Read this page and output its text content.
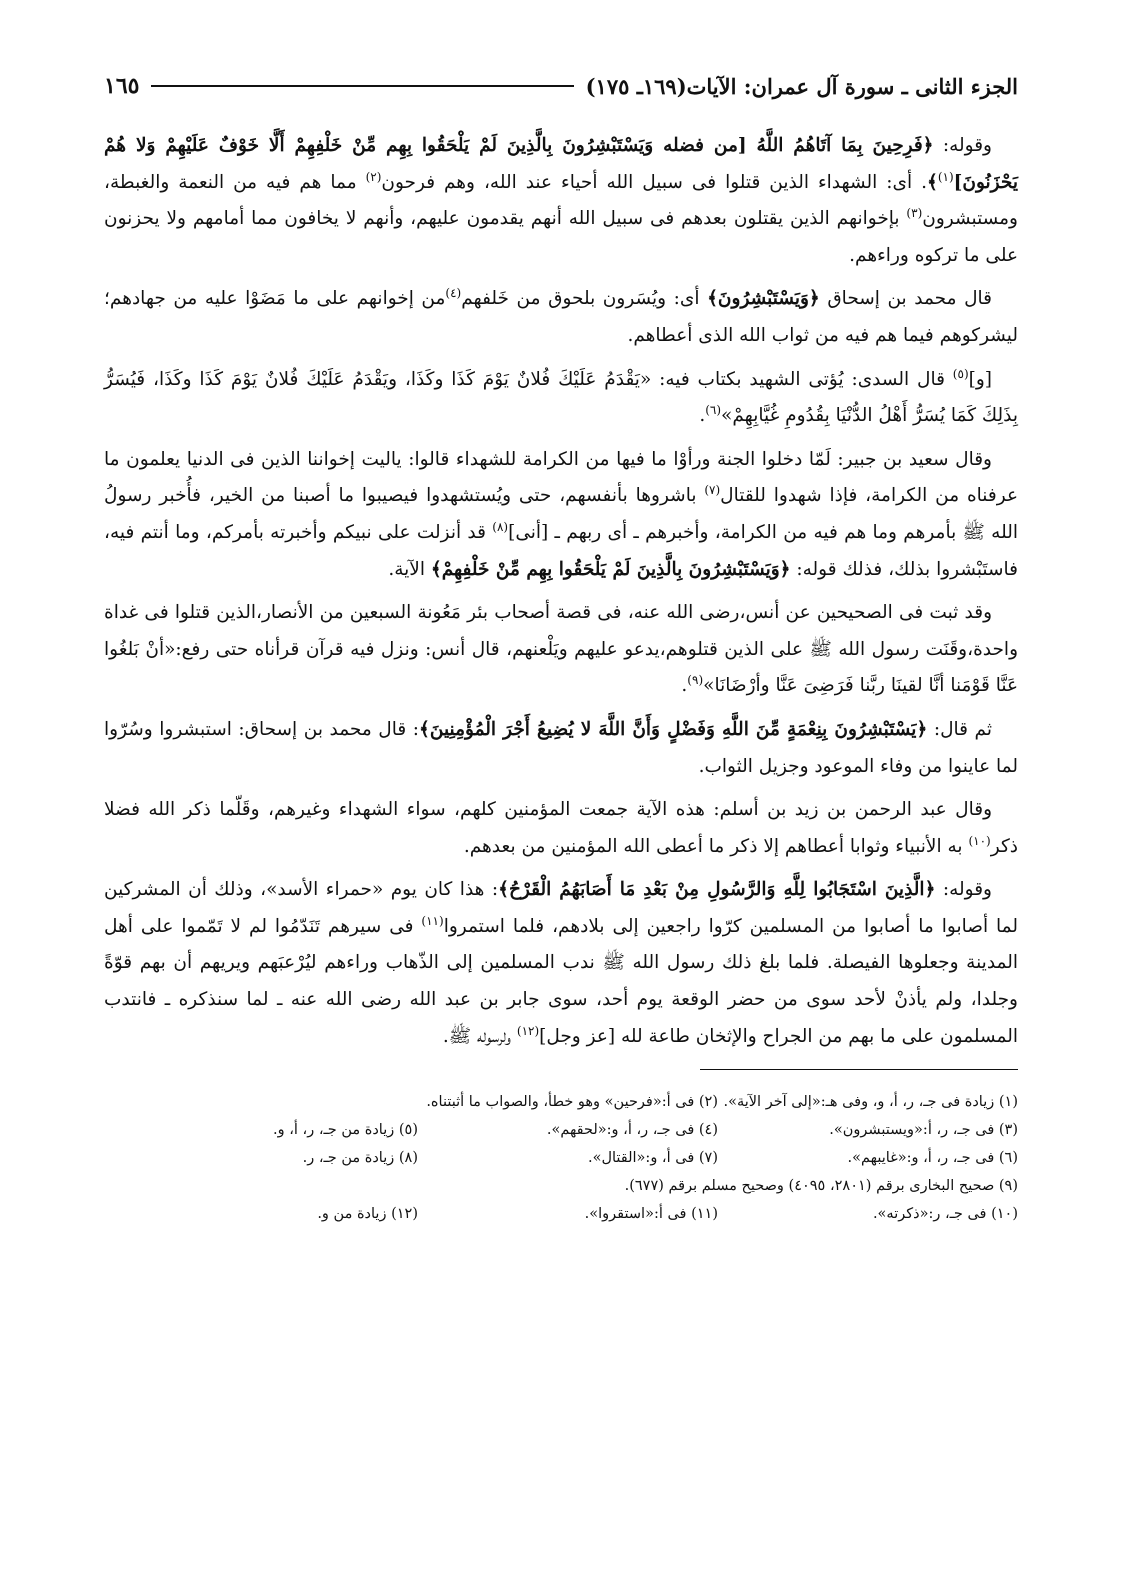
الجزء الثانى ـ سورة آل عمران: الآيات(١٦٩ـ ١٧٥)
١٦٥

وقوله: ﴿فَرِحِينَ بِمَا آتَاهُمُ اللَّهُ [من فضله وَيَسْتَبْشِرُونَ بِالَّذِينَ لَمْ يَلْحَقُوا بِهِم مِّنْ خَلْفِهِمْ أَلَّا خَوْفٌ عَلَيْهِمْ وَلا هُمْ يَحْزَنُونَ]$^{(١)}$﴾. أى: الشهداء الذين قتلوا فى سبيل الله أحياء عند الله، وهم فرحون$^{(٢)}$ مما هم فيه من النعمة والغبطة، ومستبشرون$^{(٣)}$ بإخوانهم الذين يقتلون بعدهم فى سبيل الله أنهم يقدمون عليهم، وأنهم لا يخافون مما أمامهم ولا يحزنون على ما تركوه وراءهم.

قال محمد بن إسحاق ﴿وَيَسْتَبْشِرُونَ﴾ أى: ويُسَرون بلحوق من خَلفهم$^{(٤)}$من إخوانهم على ما مَضَوْا عليه من جهادهم؛ ليشركوهم فيما هم فيه من ثواب الله الذى أعطاهم.

[و]$^{(٥)}$ قال السدى: يُؤتى الشهيد بكتاب فيه: «يَقْدَمُ عَلَيْكَ فُلانٌ يَوْمَ كَذَا وكَذَا، ويَقْدَمُ عَلَيْكَ فُلانٌ يَوْمَ كَذَا وكَذَا، فَيُسَرُّ بِذَلِكَ كَمَا يُسَرُّ أَهْلُ الدُّنْيَا بِقُدُومِ غُيَّابِهِمْ»$^{(٦)}$.

وقال سعيد بن جبير: لَمّا دخلوا الجنة ورأوْا ما فيها من الكرامة للشهداء قالوا: ياليت إخواننا الذين فى الدنيا يعلمون ما عرفناه من الكرامة، فإذا شهدوا للقتال$^{(٧)}$ باشروها بأنفسهم، حتى ويُستشهدوا فيصيبوا ما أصبنا من الخير، فأُخبر رسولُ الله ﷺ بأمرهم وما هم فيه من الكرامة، وأخبرهم ـ أى ربهم ـ [أنى]$^{(٨)}$ قد أنزلت على نبيكم وأخبرته بأمركم، وما أنتم فيه، فاستَبْشروا بذلك، فذلك قوله: ﴿وَيَسْتَبْشِرُونَ بِالَّذِينَ لَمْ يَلْحَقُوا بِهِم مِّنْ خَلْفِهِمْ﴾ الآية.

وقد ثبت فى الصحيحين عن أنس،رضى الله عنه، فى قصة أصحاب بئر مَعُونة السبعين من الأنصار،الذين قتلوا فى غداة واحدة،وقَنَت رسول الله ﷺ على الذين قتلوهم،يدعو عليهم ويَلْعنهم، قال أنس: ونزل فيه قرآن قرأناه حتى رفع:«أنْ بَلغُوا عَنَّا قَوْمَنا أنَّا لقينَا ربَّنا فَرَضِىَ عَنَّا وأرْضَانَا»$^{(٩)}$.

ثم قال: ﴿يَسْتَبْشِرُونَ بِنِعْمَةٍ مِّنَ اللَّهِ وَفَضْلٍ وَأَنَّ اللَّهَ لا يُضِيعُ أَجْرَ الْمُؤْمِنِينَ﴾: قال محمد بن إسحاق: استبشروا وسُرّوا لما عاينوا من وفاء الموعود وجزيل الثواب.

وقال عبد الرحمن بن زيد بن أسلم: هذه الآية جمعت المؤمنين كلهم، سواء الشهداء وغيرهم، وقَلّما ذكر الله فضلا ذكر$^{(١٠)}$ به الأنبياء وثوابا أعطاهم إلا ذكر ما أعطى الله المؤمنين من بعدهم.

وقوله: ﴿الَّذِينَ اسْتَجَابُوا لِلَّهِ وَالرَّسُولِ مِنْ بَعْدِ مَا أَصَابَهُمُ الْقَرْحُ﴾: هذا كان يوم «حمراء الأسد»، وذلك أن المشركين لما أصابوا ما أصابوا من المسلمين كرّوا راجعين إلى بلادهم، فلما استمروا$^{(١١)}$ فى سيرهم تَنَدّمُوا لم لا تَمّموا على أهل المدينة وجعلوها الفيصلة. فلما بلغ ذلك رسول الله ﷺ ندب المسلمين إلى الذّهاب وراءهم ليُرْعبَهم ويريهم أن بهم قوّةً وجلدا، ولم يأذنْ لأحد سوى من حضر الوقعة يوم أحد، سوى جابر بن عبد الله رضى الله عنه ـ لما سنذكره ـ فانتدب المسلمون على ما بهم من الجراح والإثخان طاعة لله [عز وجل]$^{(١٢)}$ ولرسوله ﷺ.

(١) زيادة فى جـ، ر، أ، و، وفى هـ:«إلى آخر الآية».
(٢) فى أ:«فرحين» وهو خطأ، والصواب ما أثبتناه.
(٣) فى جـ، ر، أ:«ويستبشرون».
(٤) فى جـ، ر، أ، و:«لحقهم».
(٥) زيادة من جـ، ر، أ، و.
(٦) فى جـ، ر، أ، و:«غايبهم».
(٧) فى أ، و:«القتال».
(٨) زيادة من جـ، ر.
(٩) صحيح البخارى برقم (٢٨٠١، ٤٠٩٥) وصحيح مسلم برقم (٦٧٧).
(١٠) فى جـ، ر:«ذكرته».
(١١) فى أ:«استقروا».
(١٢) زيادة من و.
